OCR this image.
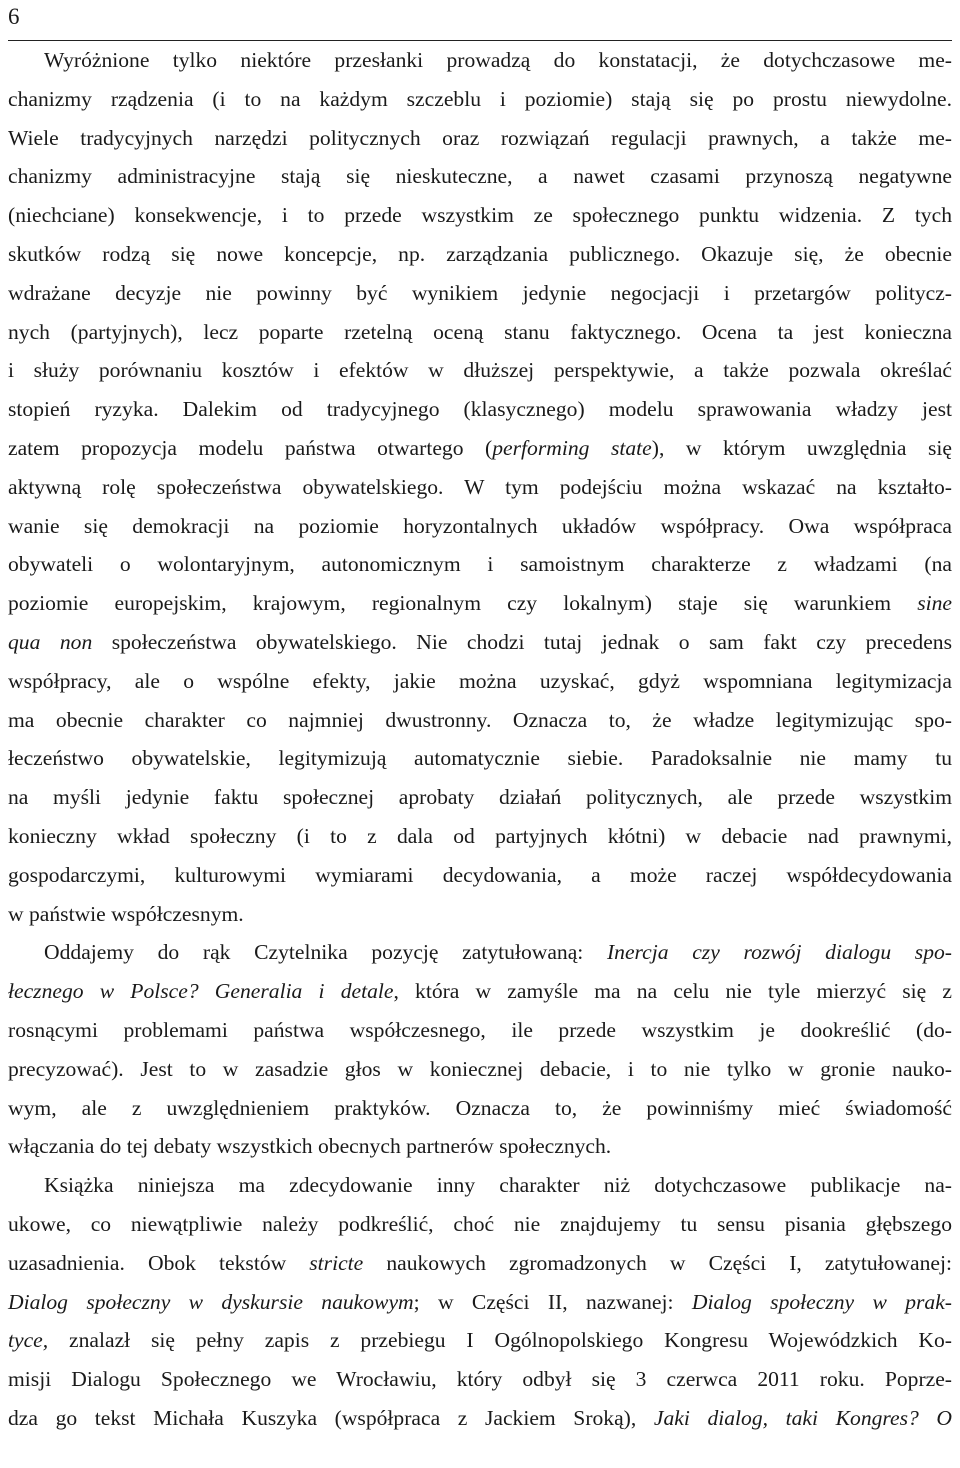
6
Wyróżnione tylko niektóre przesłanki prowadzą do konstatacji, że dotychczasowe me-
chanizmy rządzenia (i to na każdym szczeblu i poziomie) stają się po prostu niewydolne.
Wiele tradycyjnych narzędzi politycznych oraz rozwiązań regulacji prawnych, a także me-
chanizmy administracyjne stają się nieskuteczne, a nawet czasami przynoszą negatywne
(niechciane) konsekwencje, i to przede wszystkim ze społecznego punktu widzenia. Z tych
skutków rodzą się nowe koncepcje, np. zarządzania publicznego. Okazuje się, że obecnie
wdrażane decyzje nie powinny być wynikiem jedynie negocjacji i przetargów politycz-
nych (partyjnych), lecz poparte rzetelną oceną stanu faktycznego. Ocena ta jest konieczna
i służy porównaniu kosztów i efektów w dłuższej perspektywie, a także pozwala określać
stopień ryzyka. Dalekim od tradycyjnego (klasycznego) modelu sprawowania władzy jest
zatem propozycja modelu państwa otwartego (performing state), w którym uwzględnia się
aktywną rolę społeczeństwa obywatelskiego. W tym podejściu można wskazać na kształto-
wanie się demokracji na poziomie horyzontalnych układów współpracy. Owa współpraca
obywateli o wolontaryjnym, autonomicznym i samoistnym charakterze z władzami (na
poziomie europejskim, krajowym, regionalnym czy lokalnym) staje się warunkiem sine
qua non społeczeństwa obywatelskiego. Nie chodzi tutaj jednak o sam fakt czy precedens
współpracy, ale o wspólne efekty, jakie można uzyskać, gdyż wspomniana legitymizacja
ma obecnie charakter co najmniej dwustronny. Oznacza to, że władze legitymizując spo-
łeczeństwo obywatelskie, legitymizują automatycznie siebie. Paradoksalnie nie mamy tu
na myśli jedynie faktu społecznej aprobaty działań politycznych, ale przede wszystkim
konieczny wkład społeczny (i to z dala od partyjnych kłótni) w debacie nad prawnymi,
gospodarczymi, kulturowymi wymiarami decydowania, a może raczej współdecydowania
w państwie współczesnym.
Oddajemy do rąk Czytelnika pozycję zatytułowaną: Inercja czy rozwój dialogu spo-
łecznego w Polsce? Generalia i detale, która w zamyśle ma na celu nie tyle mierzyć się z
rosnącymi problemami państwa współczesnego, ile przede wszystkim je dookreślić (do-
precyzować). Jest to w zasadzie głos w koniecznej debacie, i to nie tylko w gronie nauko-
wym, ale z uwzględnieniem praktyków. Oznacza to, że powinniśmy mieć świadomość
włączania do tej debaty wszystkich obecnych partnerów społecznych.
Książka niniejsza ma zdecydowanie inny charakter niż dotychczasowe publikacje na-
ukowe, co niewątpliwie należy podkreślić, choć nie znajdujemy tu sensu pisania głębszego
uzasadnienia. Obok tekstów stricte naukowych zgromadzonych w Części I, zatytułowanej:
Dialog społeczny w dyskursie naukowym; w Części II, nazwanej: Dialog społeczny w prak-
tyce, znalazł się pełny zapis z przebiegu I Ogólnopolskiego Kongresu Wojewódzkich Ko-
misji Dialogu Społecznego we Wrocławiu, który odbył się 3 czerwca 2011 roku. Poprze-
dza go tekst Michała Kuszyka (współpraca z Jackiem Sroką), Jaki dialog, taki Kongres? O
